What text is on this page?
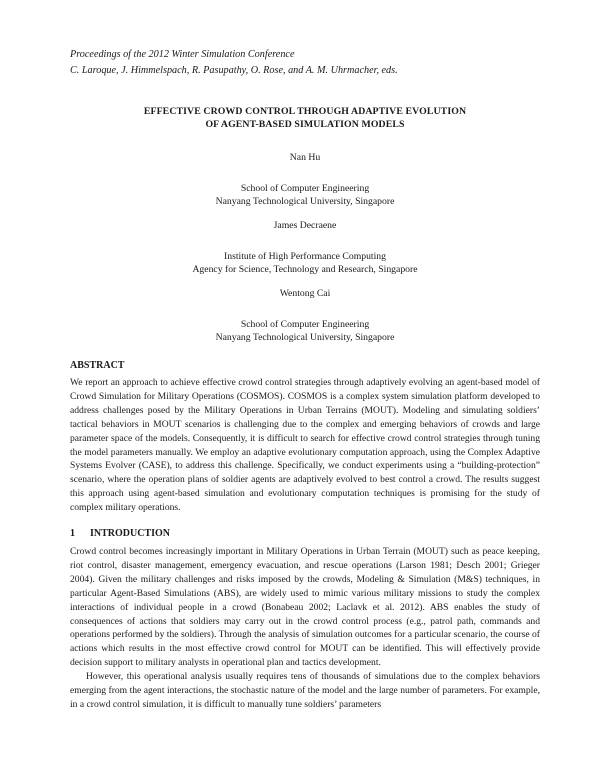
Proceedings of the 2012 Winter Simulation Conference
C. Laroque, J. Himmelspach, R. Pasupathy, O. Rose, and A. M. Uhrmacher, eds.
EFFECTIVE CROWD CONTROL THROUGH ADAPTIVE EVOLUTION
OF AGENT-BASED SIMULATION MODELS
Nan Hu
School of Computer Engineering
Nanyang Technological University, Singapore
James Decraene
Institute of High Performance Computing
Agency for Science, Technology and Research, Singapore
Wentong Cai
School of Computer Engineering
Nanyang Technological University, Singapore
ABSTRACT

We report an approach to achieve effective crowd control strategies through adaptively evolving an agent-based model of Crowd Simulation for Military Operations (COSMOS). COSMOS is a complex system simulation platform developed to address challenges posed by the Military Operations in Urban Terrains (MOUT). Modeling and simulating soldiers’ tactical behaviors in MOUT scenarios is challenging due to the complex and emerging behaviors of crowds and large parameter space of the models. Consequently, it is difficult to search for effective crowd control strategies through tuning the model parameters manually. We employ an adaptive evolutionary computation approach, using the Complex Adaptive Systems Evolver (CASE), to address this challenge. Specifically, we conduct experiments using a “building-protection” scenario, where the operation plans of soldier agents are adaptively evolved to best control a crowd. The results suggest this approach using agent-based simulation and evolutionary computation techniques is promising for the study of complex military operations.

1 INTRODUCTION

Crowd control becomes increasingly important in Military Operations in Urban Terrain (MOUT) such as peace keeping, riot control, disaster management, emergency evacuation, and rescue operations (Larson 1981; Desch 2001; Grieger 2004). Given the military challenges and risks imposed by the crowds, Modeling & Simulation (M&S) techniques, in particular Agent-Based Simulations (ABS), are widely used to mimic various military missions to study the complex interactions of individual people in a crowd (Bonabeau 2002; Laclavk et al. 2012). ABS enables the study of consequences of actions that soldiers may carry out in the crowd control process (e.g., patrol path, commands and operations performed by the soldiers). Through the analysis of simulation outcomes for a particular scenario, the course of actions which results in the most effective crowd control for MOUT can be identified. This will effectively provide decision support to military analysts in operational plan and tactics development.

However, this operational analysis usually requires tens of thousands of simulations due to the complex behaviors emerging from the agent interactions, the stochastic nature of the model and the large number of parameters. For example, in a crowd control simulation, it is difficult to manually tune soldiers’ parameters
